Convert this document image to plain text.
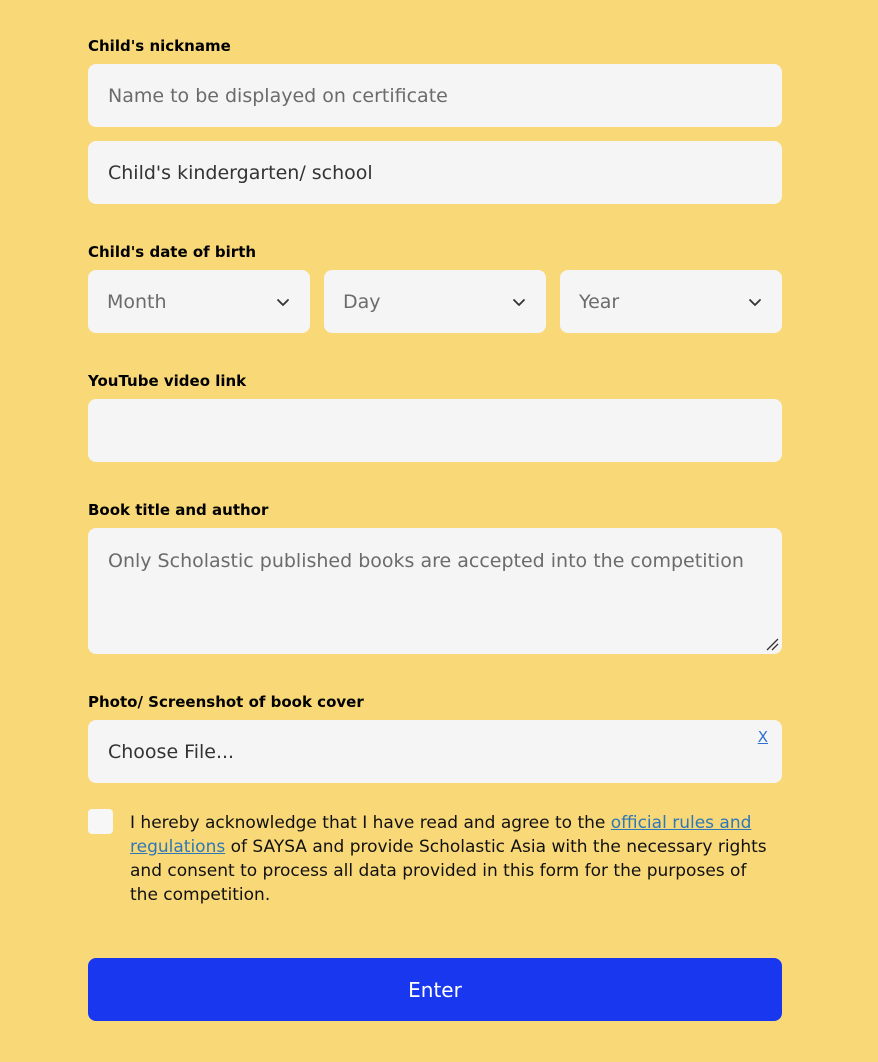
Child's nickname
Name to be displayed on certificate
Child's kindergarten/ school
Child's date of birth
Month	Day	Year
YouTube video link
Book title and author
Only Scholastic published books are accepted into the competition
Photo/ Screenshot of book cover
Choose File...
X
I hereby acknowledge that I have read and agree to the official rules and regulations of SAYSA and provide Scholastic Asia with the necessary rights and consent to process all data provided in this form for the purposes of the competition.
Enter
